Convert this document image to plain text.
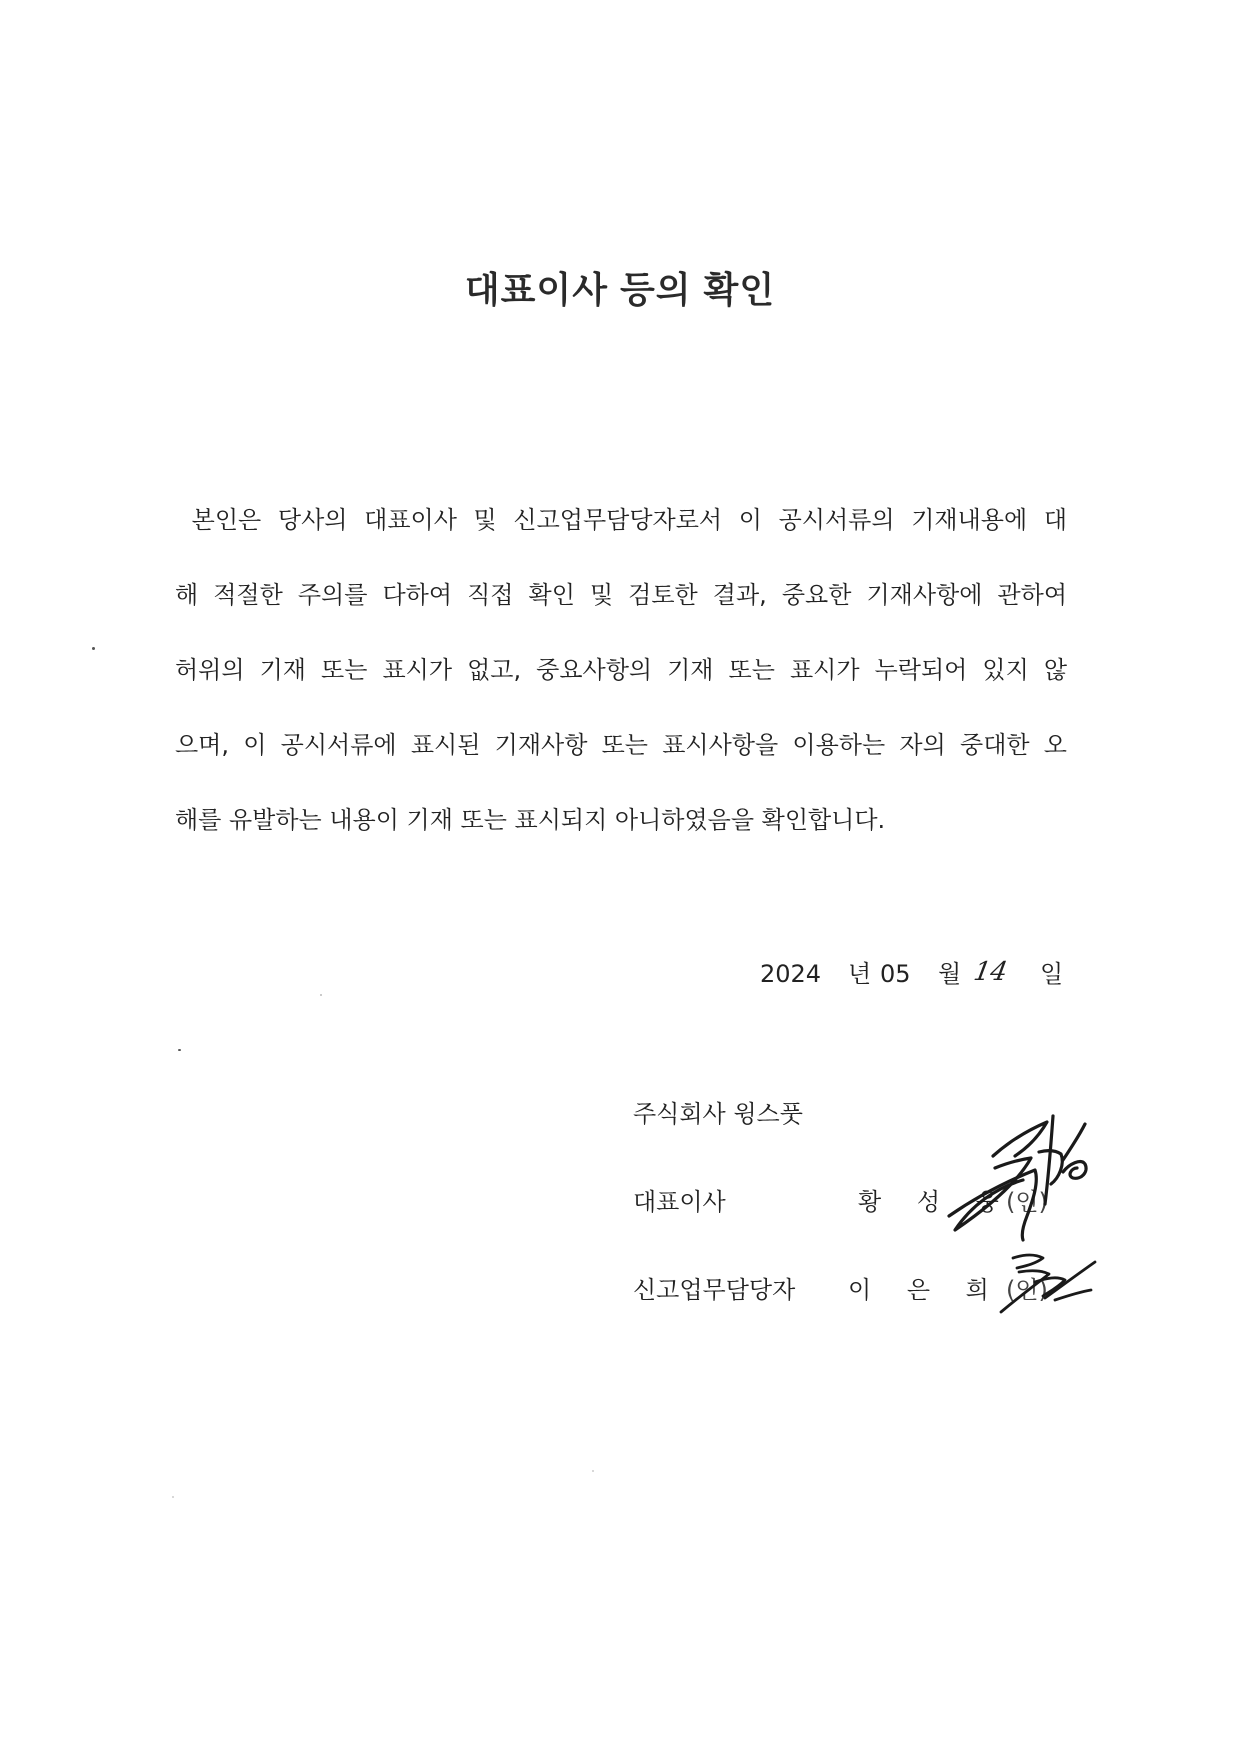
대표이사 등의 확인
본인은 당사의 대표이사 및 신고업무담당자로서 이 공시서류의 기재내용에 대
해 적절한 주의를 다하여 직접 확인 및 검토한 결과, 중요한 기재사항에 관하여
허위의 기재 또는 표시가 없고, 중요사항의 기재 또는 표시가 누락되어 있지 않
으며, 이 공시서류에 표시된 기재사항 또는 표시사항을 이용하는 자의 중대한 오
해를 유발하는 내용이 기재 또는 표시되지 아니하였음을 확인합니다.
2024 년 05 월 14 일
주식회사 윙스풋
대표이사	황 성 웅
(인)
신고업무담당자 이 은 희 (인)
